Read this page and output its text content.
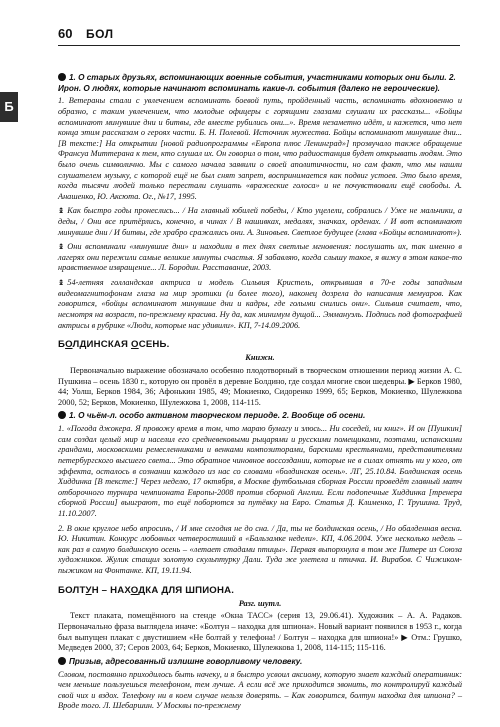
60 БОЛ
Б
1. О старых друзьях, вспоминающих военные события, участниками которых они были. 2. Ирон. О людях, которые начинают вспоминать какие-л. события (далеко не героические).

1. Ветераны стали с увлечением вспоминать боевой путь, пройденный часть, вспоминать вдохновенно и образно, с таким увлечением, что молодые офицеры с горящими глазами слушали их рассказы... «Бойцы вспоминают минувшие дни и битвы, где вместе рубились они...». Время незаметно идёт, и кажется, что нет конца этим рассказам о героях части. Б. Н. Полевой. Источник мужества. Бойцы вспоминают минувшие дни... [В тексте:] На открытии [новой радиопрограммы «Европа плюс Ленинград»] прозвучало также обращение Франсуа Миттерана к тем, кто слушал их. Он говорил о том, что радиостанция будет открывать людям. Это было очень символично. Мы с самого начала заявили о своей аполитичности, но сам факт, что мы нашли слушателем музыку, с которой ещё не был снят запрет, воспринимается как подвиг устоев. Это было время, когда тысячи людей только перестали слушать «вражеские голоса» и не почувствовали ещё свободы. А. Анашенко, Ю. Аксюта. Ог., №17, 1995.

↨ Как быстро годы пронеслись... / На главный юбилей победы, / Кто уцелели, собрались / Уже не мальчики, а деды, / Они все притёрлись, конечно, в чинах / В нашивках, медалях, значках, орденах. / И вот вспоминают минувшие дни / И битвы, где храбро сражались они. А. Зиновьев. Светлое будущее (глава «Бойцы вспоминают»).

↨ Они вспоминали «минувшие дни» и находили в тех днях светлые мгновения: послушать их, так именно в лагерях они пережили самые великие минуты счастья. Я забавляю, когда слышу такое, я вижу в этом какое-то нравственное извращение... Л. Бородин. Расставание, 2003.

↨ 54-летняя голландская актриса и модель Сильвия Кристель, открывшая в 70-е годы западным видеомагнитофонам глаза на мир эротики (и более того), наконец дозрела до написания мемуаров. Как говорится, «бойцы вспоминают минувшие дни и кадры, где голыми снились они». Сильвия считает, что, несмотря на возраст, по-прежнему красива. Ну да, как минимум дущой... Эммануэль. Подпись под фотографией актрисы в рубрике «Люди, которые нас удивили». КП, 7-14.09.2006.

БОЛДИНСКАЯ ОСЕНЬ.
Книжн.

Первоначально выражение обозначало особенно плодотворный в творческом отношении период жизни А. С. Пушкина – осень 1830 г., которую он провёл в деревне Болдино, где создал многие свои шедевры. ▶ Берков 1980, 44; Уолш, Берков 1984, 36; Афонькин 1985, 49; Мокиенко, Сидоренко 1999, 65; Берков, Мокиенко, Шулежкова 2000, 52; Берков, Мокиенко, Шулежкова 1, 2008, 114-115.

1. О чьём-л. особо активном творческом периоде. 2. Вообще об осени.

1. «Погода джокера. Я провожу время в том, что мараю бумагу и злюсь... Ни соседей, ни книг». И он [Пушкин] сам создал целый мир и населил его средневековыми рыцарями и русскими помещиками, поэтами, испанскими грандами, московскими ремесленниками и венками композиторами, барскими крестьянами, представителями петербургского высшего света... Это обратное чиновное воссоздании, которые не в силах отнять ни у кого, от эффекта, осталось в сознании каждого из нас со словами «болдинская осень». ЛГ, 25.10.84. Болдинская осень Хиддинка [В тексте:] Через неделю, 17 октября, в Москве футбольная сборная России проведёт главный матч отборочного турнира чемпионата Европы-2008 против сборной Англии. Если подопечные Хиддинка [тренера сборной России] выиграют, то ещё поборются за путёвку на Евро. Статья Д. Клименко, Г. Трушина. Труд, 11.10.2007.

2. В окне круглое небо впросинь, / И мне сегодня не до сна. / Да, ты не болдинская осень, / Но обалденная весна. Ю. Никитин. Конкурс любовных четверостиший в «Бальзамке недели». КП, 4.06.2004. Уже несколько недель – как раз в самую болдинскую осень – «летает стадами птицы». Первая выпорхнула в том же Питере из Союза художников. Жулик стащил золотую скульптурку Дали. Туда же улетела и птичка. И. Вирабов. С Чижиком-пыжиком на Фонтанке. КП, 19.11.94.

БОЛТУН – НАХОДКА ДЛЯ ШПИОНА.
Разг. шутл.

Текст плаката, помещённого на стенде «Окна ТАСС» (серия 13, 29.06.41). Художник – А. А. Радаков. Первоначально фраза выглядела иначе: «Болтун – находка для шпиона». Новый вариант появился в 1953 г., когда был выпущен плакат с двустишием «Не болтай у телефона! / Болтун – находка для шпиона!» ▶ Отм.: Грушко, Медведев 2000, 37; Серов 2003, 64; Берков, Мокиенко, Шулежкова 1, 2008, 114-115; 115-116.

Призыв, адресованный излишне говорливому человеку.

Словом, постоянно приходилось быть начеку, и я быстро усвоил аксиому, которую знает каждый оперативник: чем меньше пользуешься телефоном, тем лучше. А если всё же приходится звонить, то контролируй каждый свой чих и вздох. Телефону ни в коем случае нельзя доверять. – Как говорится, болтун находка для шпиона? – Вроде того. Л. Шебаршин. У Москвы по-прежнему
